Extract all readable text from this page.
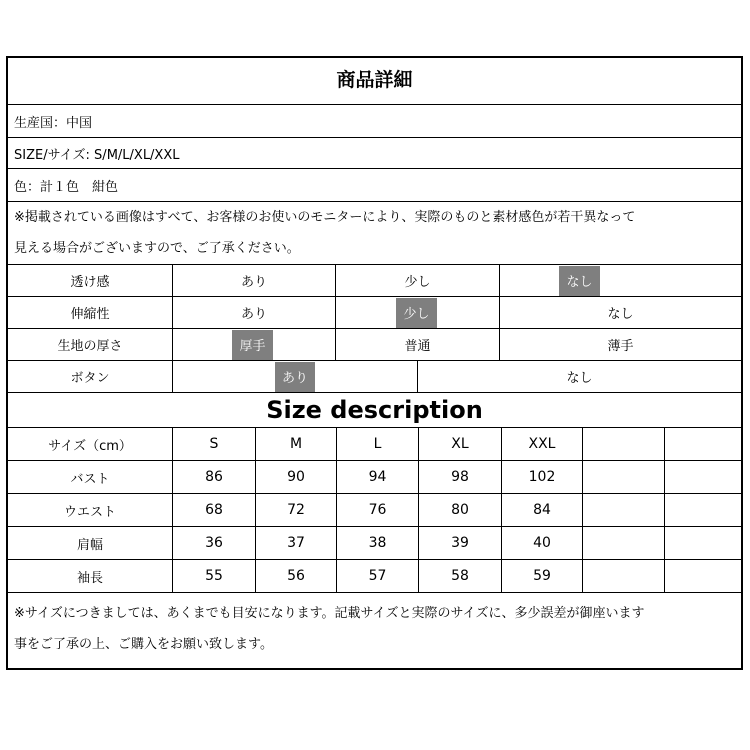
商品詳細
生産国：中国
SIZE/サイズ: S/M/L/XL/XXL
色：計１色　紺色
※掲載されている画像はすべて、お客様のお使いのモニターにより、実際のものと素材感色が若干異なって
見える場合がございますので、ご了承ください。
透け感	あり	少し	なし
伸縮性	あり	少し	なし
生地の厚さ	厚手	普通	薄手
ボタン	あり	なし
Size description
サイズ（cm）	S	M	L	XL	XXL
バスト	86	90	94	98	102
ウエスト	68	72	76	80	84
肩幅	36	37	38	39	40
袖長	55	56	57	58	59
※サイズにつきましては、あくまでも目安になります。記載サイズと実際のサイズに、多少誤差が御座います
事をご了承の上、ご購入をお願い致します。
